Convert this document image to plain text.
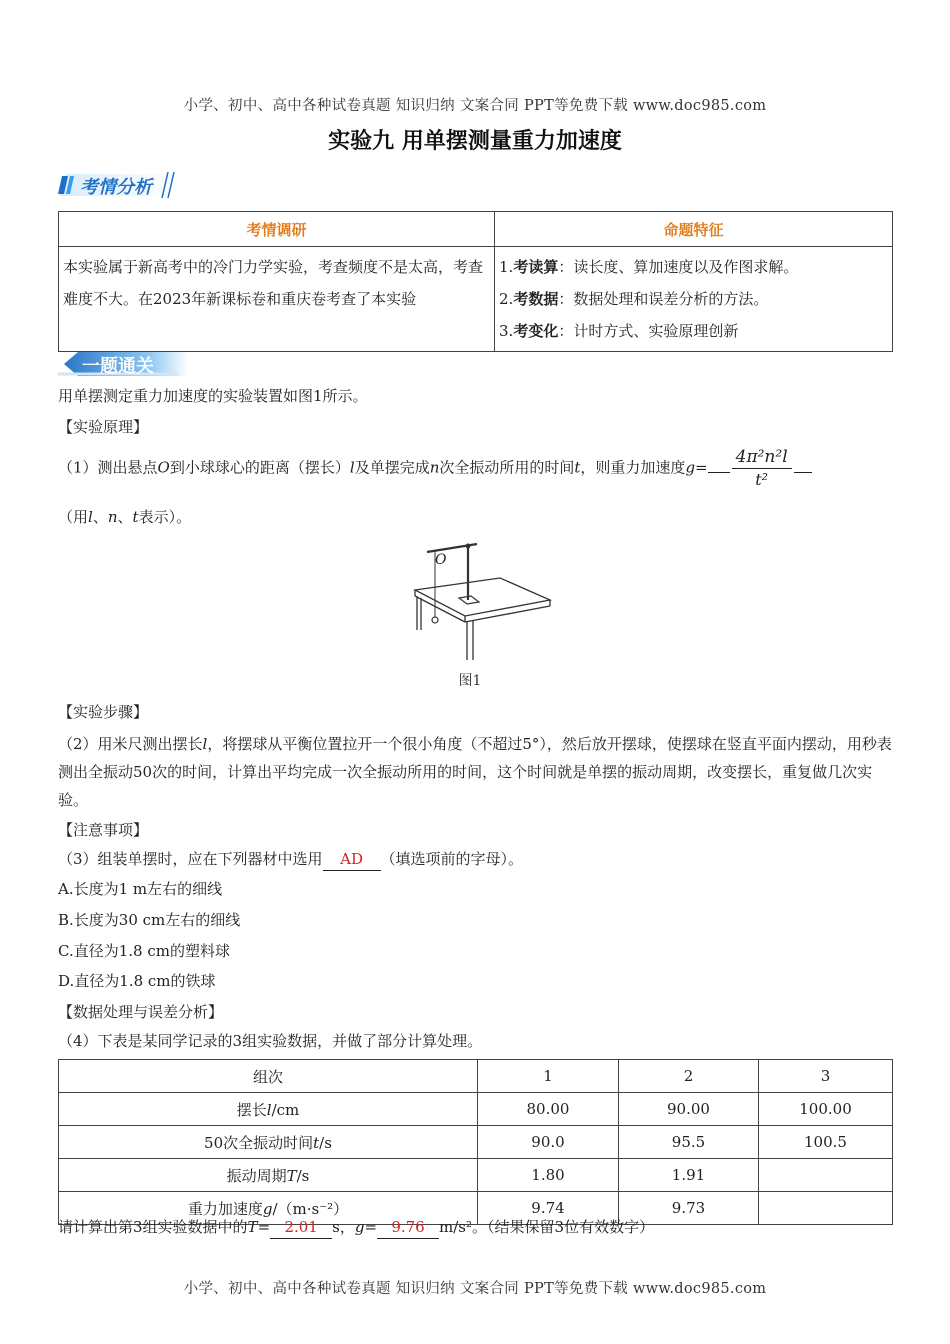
小学、初中、高中各种试卷真题 知识归纳 文案合同 PPT等免费下载 www.doc985.com
实验九 用单摆测量重力加速度
考情分析
考情调研	命题特征
本实验属于新高考中的冷门力学实验，考查频度不是太高，考查难度不大。在2023年新课标卷和重庆卷考查了本实验	1.考读算：读长度、算加速度以及作图求解。
2.考数据：数据处理和误差分析的方法。
3.考变化：计时方式、实验原理创新
一题通关
用单摆测定重力加速度的实验装置如图1所示。
【实验原理】
（1）测出悬点O到小球球心的距离（摆长）l及单摆完成n次全振动所用的时间t，则重力加速度$g= \frac{\text{4π²n²l}}{\text{t²}}$
（用l、n、t表示）。
O
图1
【实验步骤】
（2）用米尺测出摆长l，将摆球从平衡位置拉开一个很小角度（不超过5°），然后放开摆球，使摆球在竖直平面内摆动，用秒表测出全振动50次的时间，计算出平均完成一次全振动所用的时间，这个时间就是单摆的振动周期，改变摆长，重复做几次实验。
【注意事项】
（3）组装单摆时，应在下列器材中选用 AD （填选项前的字母）。
A.长度为1 m左右的细线
B.长度为30 cm左右的细线
C.直径为1.8 cm的塑料球
D.直径为1.8 cm的铁球
【数据处理与误差分析】
（4）下表是某同学记录的3组实验数据，并做了部分计算处理。
组次	1	2	3
摆长l/cm	80.00	90.00	100.00
50次全振动时间t/s	90.0	95.5	100.5
振动周期T/s	1.80	1.91	
重力加速度g/（m·s⁻²）	9.74	9.73	
请计算出第3组实验数据中的T= 2.01 s，g= 9.76 m/s²。（结果保留3位有效数字）
小学、初中、高中各种试卷真题 知识归纳 文案合同 PPT等免费下载 www.doc985.com
